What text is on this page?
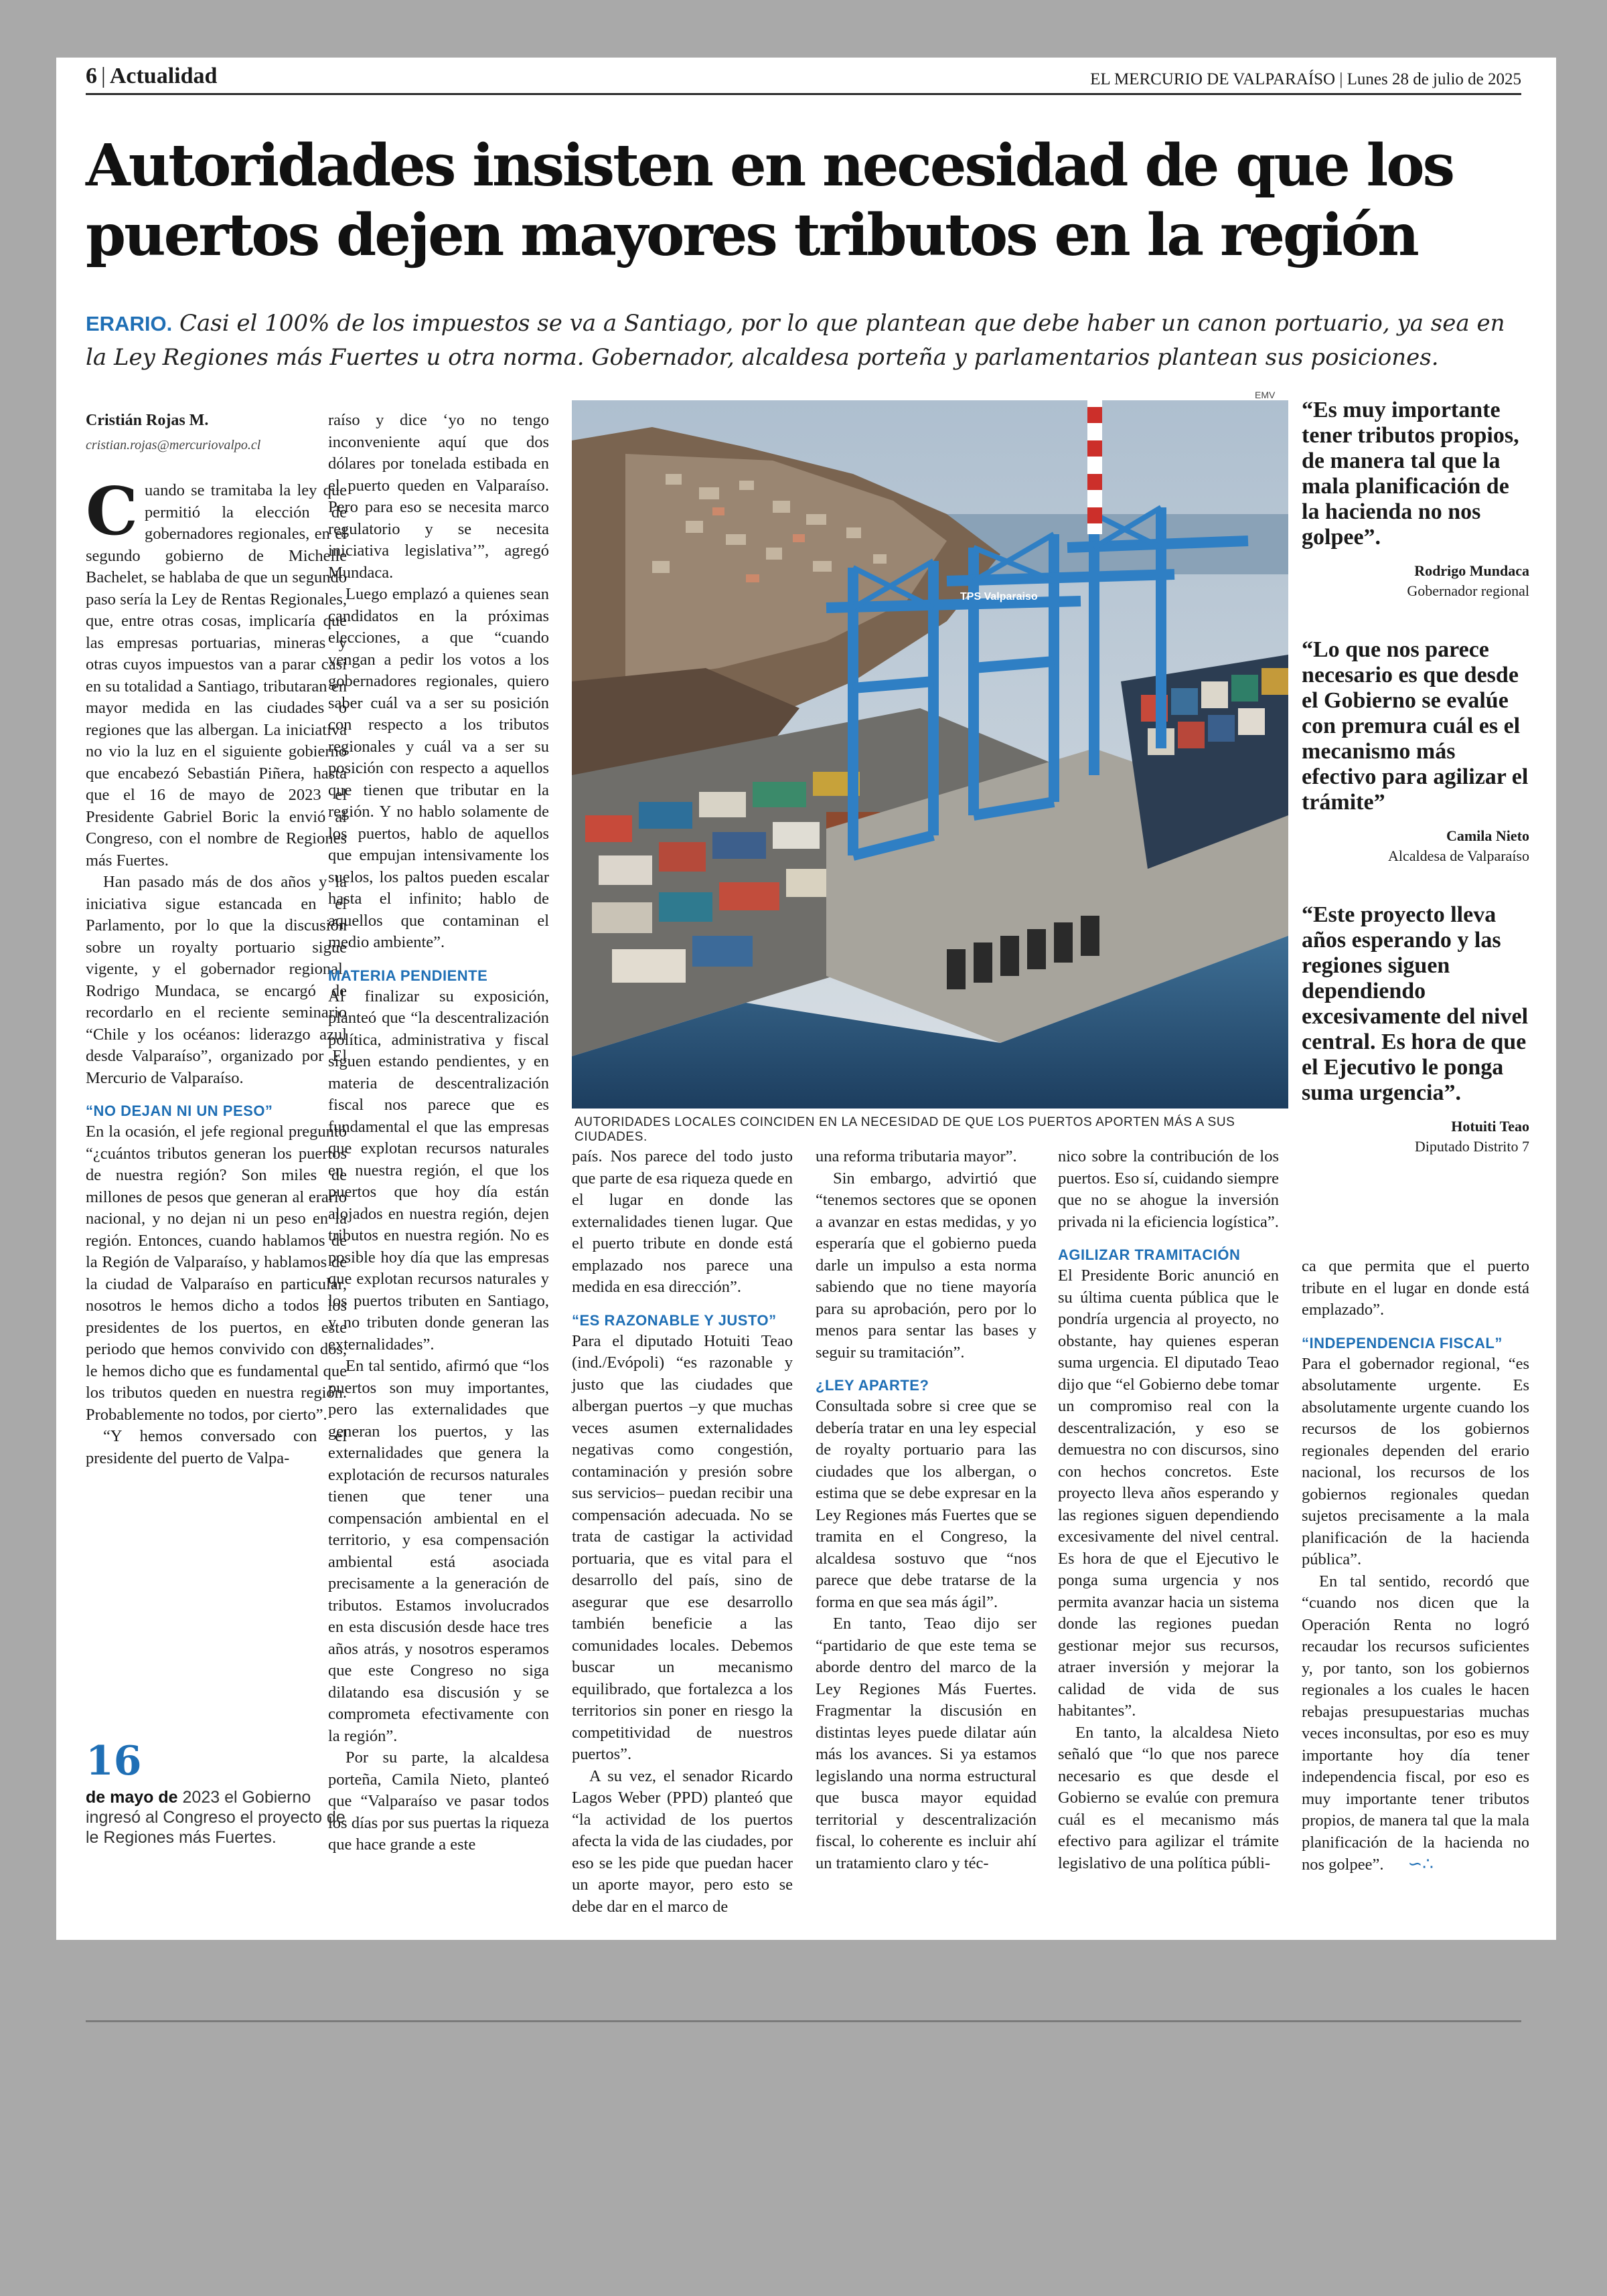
6 | Actualidad	EL MERCURIO DE VALPARAÍSO | Lunes 28 de julio de 2025
Autoridades insisten en necesidad de que los puertos dejen mayores tributos en la región
ERARIO. Casi el 100% de los impuestos se va a Santiago, por lo que plantean que debe haber un canon portuario, ya sea en la Ley Regiones más Fuertes u otra norma. Gobernador, alcaldesa porteña y parlamentarios plantean sus posiciones.
Cristián Rojas M.
cristian.rojas@mercuriovalpo.cl

Cuando se tramitaba la ley que permitió la elección de gobernadores regionales, en el segundo gobierno de Michelle Bachelet, se hablaba de que un segundo paso sería la Ley de Rentas Regionales, que, entre otras cosas, implicaría que las empresas portuarias, mineras y otras cuyos impuestos van a parar casi en su totalidad a Santiago, tributaran en mayor medida en las ciudades o regiones que las albergan. La iniciativa no vio la luz en el siguiente gobierno que encabezó Sebastián Piñera, hasta que el 16 de mayo de 2023 el Presidente Gabriel Boric la envió al Congreso, con el nombre de Regiones más Fuertes.

Han pasado más de dos años y la iniciativa sigue estancada en el Parlamento, por lo que la discusión sobre un royalty portuario sigue vigente, y el gobernador regional, Rodrigo Mundaca, se encargó de recordarlo en el reciente seminario “Chile y los océanos: liderazgo azul desde Valparaíso”, organizado por El Mercurio de Valparaíso.

“NO DEJAN NI UN PESO”

En la ocasión, el jefe regional preguntó “¿cuántos tributos generan los puertos de nuestra región? Son miles de millones de pesos que generan al erario nacional, y no dejan ni un peso en la región. Entonces, cuando hablamos de la Región de Valparaíso, y hablamos de la ciudad de Valparaíso en particular, nosotros le hemos dicho a todos los presidentes de los puertos, en este periodo que hemos convivido con dos, le hemos dicho que es fundamental que los tributos queden en nuestra región. Probablemente no todos, por cierto”.

“Y hemos conversado con el presidente del puerto de Valpa-

16
de mayo de 2023 el Gobierno ingresó al Congreso el proyecto de le Regiones más Fuertes.

raíso y dice ‘yo no tengo inconveniente aquí que dos dólares por tonelada estibada en el puerto queden en Valparaíso. Pero para eso se necesita marco regulatorio y se necesita iniciativa legislativa’”, agregó Mundaca.

Luego emplazó a quienes sean candidatos en la próximas elecciones, a que “cuando vengan a pedir los votos a los gobernadores regionales, quiero saber cuál va a ser su posición con respecto a los tributos regionales y cuál va a ser su posición con respecto a aquellos que tienen que tributar en la región. Y no hablo solamente de los puertos, hablo de aquellos que empujan intensivamente los suelos, los paltos pueden escalar hasta el infinito; hablo de aquellos que contaminan el medio ambiente”.

MATERIA PENDIENTE

Al finalizar su exposición, planteó que “la descentralización política, administrativa y fiscal siguen estando pendientes, y en materia de descentralización fiscal nos parece que es fundamental el que las empresas que explotan recursos naturales en nuestra región, el que los puertos que hoy día están alojados en nuestra región, dejen tributos en nuestra región. No es posible hoy día que las empresas que explotan recursos naturales y los puertos tributen en Santiago, y no tributen donde generan las externalidades”.

En tal sentido, afirmó que “los puertos son muy importantes, pero las externalidades que generan los puertos, y las externalidades que genera la explotación de recursos naturales tienen que tener una compensación ambiental en el territorio, y esa compensación ambiental está asociada precisamente a la generación de tributos. Estamos involucrados en esta discusión desde hace tres años atrás, y nosotros esperamos que este Congreso no siga dilatando esa discusión y se comprometa efectivamente con la región”.

Por su parte, la alcaldesa porteña, Camila Nieto, planteó que “Valparaíso ve pasar todos los días por sus puertas la riqueza que hace grande a este

EMV
TPS Valparaiso
AUTORIDADES LOCALES COINCIDEN EN LA NECESIDAD DE QUE LOS PUERTOS APORTEN MÁS A SUS CIUDADES.

país. Nos parece del todo justo que parte de esa riqueza quede en el lugar en donde las externalidades tienen lugar. Que el puerto tribute en donde está emplazado nos parece una medida en esa dirección”.

“ES RAZONABLE Y JUSTO”

Para el diputado Hotuiti Teao (ind./Evópoli) “es razonable y justo que las ciudades que albergan puertos –y que muchas veces asumen externalidades negativas como congestión, contaminación y presión sobre sus servicios– puedan recibir una compensación adecuada. No se trata de castigar la actividad portuaria, que es vital para el desarrollo del país, sino de asegurar que ese desarrollo también beneficie a las comunidades locales. Debemos buscar un mecanismo equilibrado, que fortalezca a los territorios sin poner en riesgo la competitividad de nuestros puertos”.

A su vez, el senador Ricardo Lagos Weber (PPD) planteó que “la actividad de los puertos afecta la vida de las ciudades, por eso se les pide que puedan hacer un aporte mayor, pero esto se debe dar en el marco de

una reforma tributaria mayor”.

Sin embargo, advirtió que “tenemos sectores que se oponen a avanzar en estas medidas, y yo esperaría que el gobierno pueda darle un impulso a esta norma sabiendo que no tiene mayoría para su aprobación, pero por lo menos para sentar las bases y seguir su tramitación”.

¿LEY APARTE?

Consultada sobre si cree que se debería tratar en una ley especial de royalty portuario para las ciudades que los albergan, o estima que se debe expresar en la Ley Regiones más Fuertes que se tramita en el Congreso, la alcaldesa sostuvo que “nos parece que debe tratarse de la forma en que sea más ágil”.

En tanto, Teao dijo ser “partidario de que este tema se aborde dentro del marco de la Ley Regiones Más Fuertes. Fragmentar la discusión en distintas leyes puede dilatar aún más los avances. Si ya estamos legislando una norma estructural que busca mayor equidad territorial y descentralización fiscal, lo coherente es incluir ahí un tratamiento claro y téc-

nico sobre la contribución de los puertos. Eso sí, cuidando siempre que no se ahogue la inversión privada ni la eficiencia logística”.

AGILIZAR TRAMITACIÓN

El Presidente Boric anunció en su última cuenta pública que le pondría urgencia al proyecto, no obstante, hay quienes esperan suma urgencia. El diputado Teao dijo que “el Gobierno debe tomar un compromiso real con la descentralización, y eso se demuestra no con discursos, sino con hechos concretos. Este proyecto lleva años esperando y las regiones siguen dependiendo excesivamente del nivel central. Es hora de que el Ejecutivo le ponga suma urgencia y nos permita avanzar hacia un sistema donde las regiones puedan gestionar mejor sus recursos, atraer inversión y mejorar la calidad de vida de sus habitantes”.

En tanto, la alcaldesa Nieto señaló que “lo que nos parece necesario es que desde el Gobierno se evalúe con premura cuál es el mecanismo más efectivo para agilizar el trámite legislativo de una política públi-

“Es muy importante tener tributos propios, de manera tal que la mala planificación de la hacienda no nos golpee”.
Rodrigo Mundaca
Gobernador regional
“Lo que nos parece necesario es que desde el Gobierno se evalúe con premura cuál es el mecanismo más efectivo para agilizar el trámite”
Camila Nieto
Alcaldesa de Valparaíso
“Este proyecto lleva años esperando y las regiones siguen dependiendo excesivamente del nivel central. Es hora de que el Ejecutivo le ponga suma urgencia”.
Hotuiti Teao
Diputado Distrito 7

ca que permita que el puerto tribute en el lugar en donde está emplazado”.

“INDEPENDENCIA FISCAL”

Para el gobernador regional, “es absolutamente urgente. Es absolutamente urgente cuando los recursos de los gobiernos regionales dependen del erario nacional, los recursos de los gobiernos regionales quedan sujetos precisamente a la mala planificación de la hacienda pública”.

En tal sentido, recordó que “cuando nos dicen que la Operación Renta no logró recaudar los recursos suficientes y, por tanto, son los gobiernos regionales a los cuales le hacen rebajas presupuestarias muchas veces inconsultas, por eso es muy importante hoy día tener independencia fiscal, por eso es muy importante tener tributos propios, de manera tal que la mala planificación de la hacienda no nos golpee”. ∽∴
